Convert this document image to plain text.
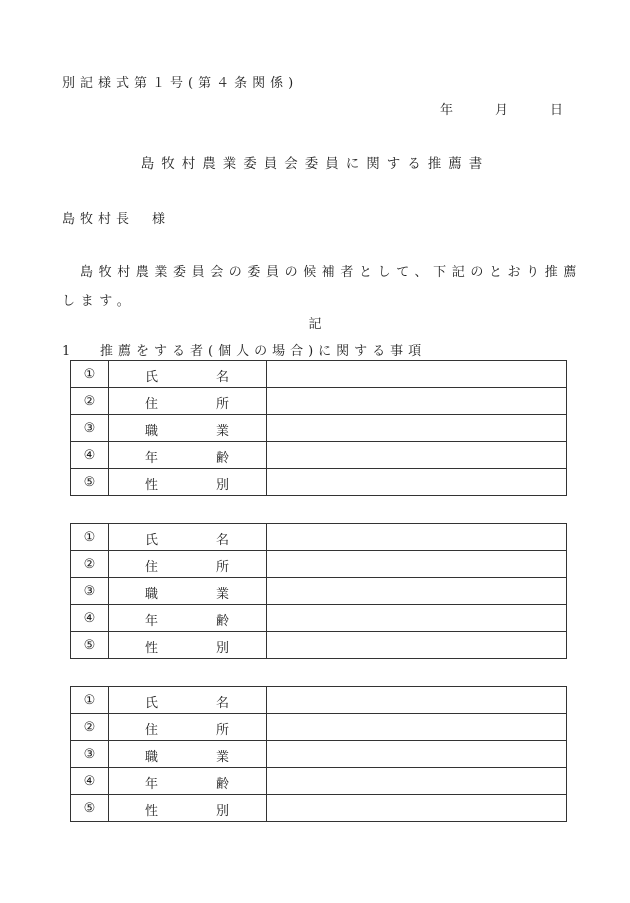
別記様式第１号(第４条関係)
年	月	日
島牧村農業委員会委員に関する推薦書
島牧村長　様
島牧村農業委員会の委員の候補者として、下記のとおり推薦します。
記
1 推薦をする者(個人の場合)に関する事項
①	氏 名	

②	住 所	

③	職 業	

④	年 齢	

⑤	性 別	

①	氏 名	

②	住 所	

③	職 業	

④	年 齢	

⑤	性 別	

①	氏 名	

②	住 所	

③	職 業	

④	年 齢	

⑤	性 別	
